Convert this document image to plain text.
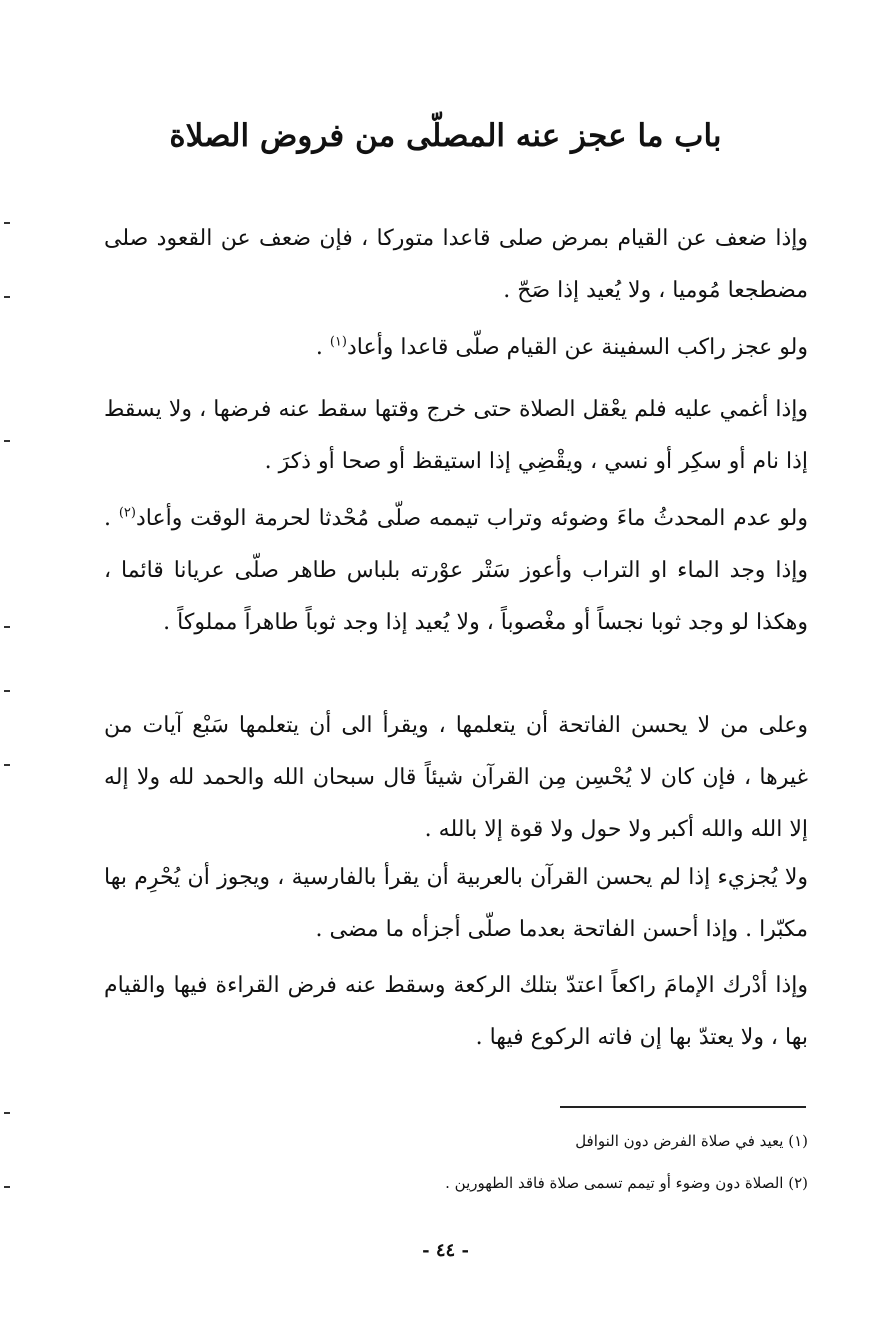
باب ما عجز عنه المصلّى من فروض الصلاة

وإذا ضعف عن القيام بمرض صلى قاعدا متوركا ، فإن ضعف عن القعود صلى مضطجعا مُوميا ، ولا يُعيد إذا صَحّ .

ولو عجز راكب السفينة عن القيام صلّى قاعدا وأعاد$^{(١)}$ .

وإذا أغمي عليه فلم يعْقل الصلاة حتى خرج وقتها سقط عنه فرضها ، ولا يسقط إذا نام أو سكِر أو نسي ، ويقْضِي إذا استيقظ أو صحا أو ذكرَ .

ولو عدم المحدثُ ماءَ وضوئه وتراب تيممه صلّى مُحْدثا لحرمة الوقت وأعاد$^{(٢)}$ . وإذا وجد الماء او التراب وأعوز سَتْر عوْرته بلباس طاهر صلّى عريانا قائما ، وهكذا لو وجد ثوبا نجساً أو مغْصوباً ، ولا يُعيد إذا وجد ثوباً طاهراً مملوكاً .

وعلى من لا يحسن الفاتحة أن يتعلمها ، ويقرأ الى أن يتعلمها سَبْع آيات من غيرها ، فإن كان لا يُحْسِن مِن القرآن شيئاً قال سبحان الله والحمد لله ولا إله إلا الله والله أكبر ولا حول ولا قوة إلا بالله .

ولا يُجزيء إذا لم يحسن القرآن بالعربية أن يقرأ بالفارسية ، ويجوز أن يُحْرِم بها مكبّرا . وإذا أحسن الفاتحة بعدما صلّى أجزأه ما مضى .

وإذا أدْرك الإمامَ راكعاً اعتدّ بتلك الركعة وسقط عنه فرض القراءة فيها والقيام بها ، ولا يعتدّ بها إن فاته الركوع فيها .

(١) يعيد في صلاة الفرض دون النوافل
(٢) الصلاة دون وضوء أو تيمم تسمى صلاة فاقد الطهورين .
- ٤٤ -
